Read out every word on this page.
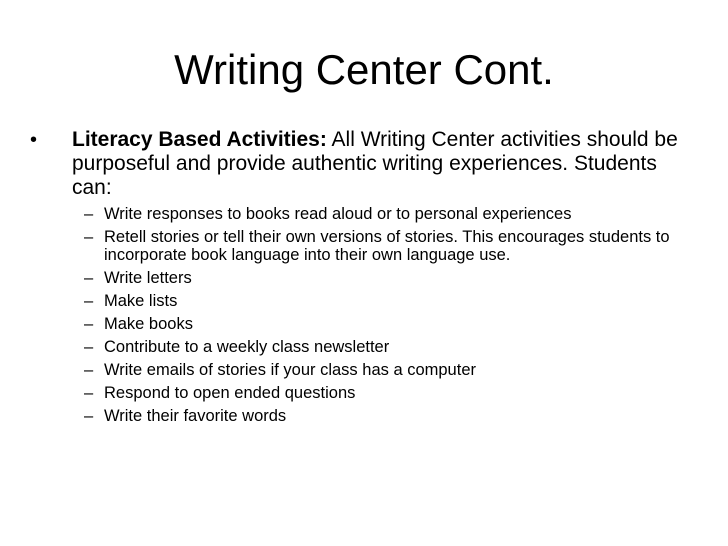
Writing Center Cont.
•	Literacy Based Activities: All Writing Center activities should be purposeful and provide authentic writing experiences. Students can:
– Write responses to books read aloud or to personal experiences
– Retell stories or tell their own versions of stories. This encourages students to incorporate book language into their own language use.
– Write letters
– Make lists
– Make books
– Contribute to a weekly class newsletter
– Write emails of stories if your class has a computer
– Respond to open ended questions
– Write their favorite words
